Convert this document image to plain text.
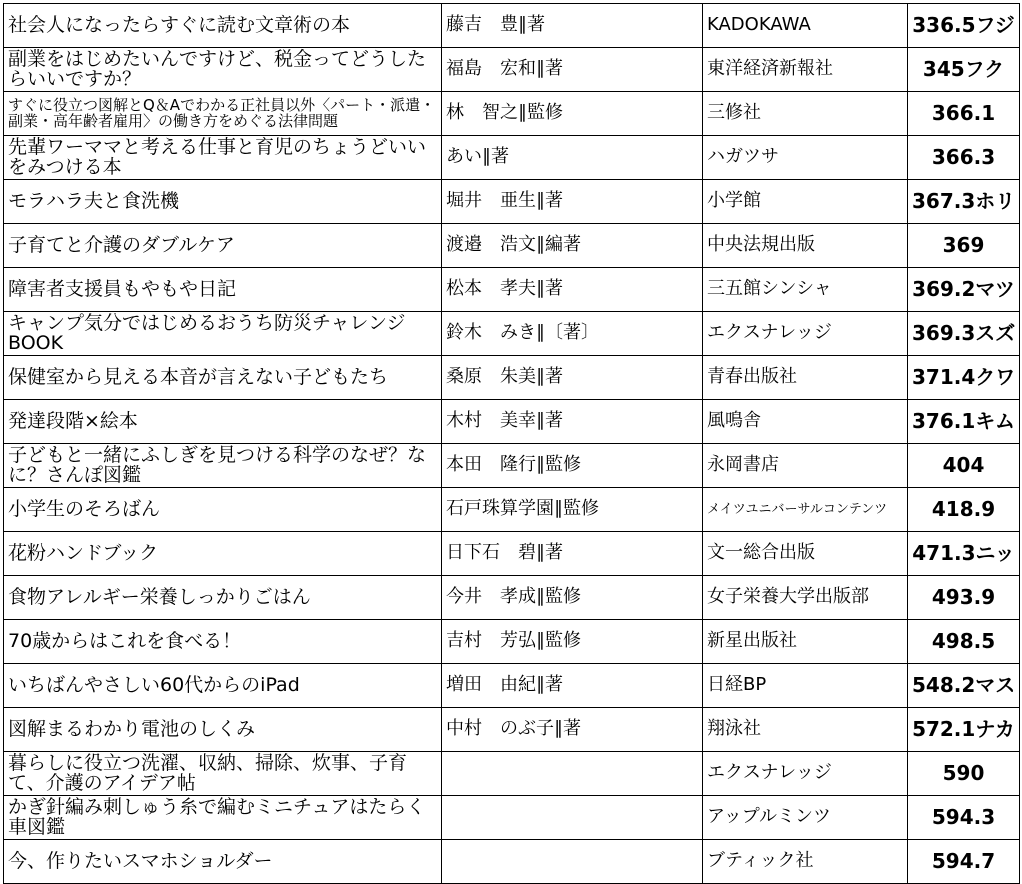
社会人になったらすぐに読む文章術の本	藤吉　豊∥著	KADOKAWA	336.5フジ
副業をはじめたいんですけど、税金ってどうしたらいいですか？	福島　宏和∥著	東洋経済新報社	345フク
すぐに役立つ図解とQ＆Aでわかる正社員以外〈パート・派遣・副業・高年齢者雇用〉の働き方をめぐる法律問題	林　智之∥監修	三修社	366.1
先輩ワーママと考える仕事と育児のちょうどいいをみつける本	あい∥著	ハガツサ	366.3
モラハラ夫と食洗機	堀井　亜生∥著	小学館	367.3ホリ
子育てと介護のダブルケア	渡邉　浩文∥編著	中央法規出版	369
障害者支援員もやもや日記	松本　孝夫∥著	三五館シンシャ	369.2マツ
キャンプ気分ではじめるおうち防災チャレンジBOOK	鈴木　みき∥〔著〕	エクスナレッジ	369.3スズ
保健室から見える本音が言えない子どもたち	桑原　朱美∥著	青春出版社	371.4クワ
発達段階×絵本	木村　美幸∥著	風鳴舎	376.1キム
子どもと一緒にふしぎを見つける科学のなぜ？なに？さんぽ図鑑	本田　隆行∥監修	永岡書店	404
小学生のそろばん	石戸珠算学園∥監修	メイツユニバーサルコンテンツ	418.9
花粉ハンドブック	日下石　碧∥著	文一総合出版	471.3ニッ
食物アレルギー栄養しっかりごはん	今井　孝成∥監修	女子栄養大学出版部	493.9
70歳からはこれを食べる！	吉村　芳弘∥監修	新星出版社	498.5
いちばんやさしい60代からのiPad	増田　由紀∥著	日経BP	548.2マス
図解まるわかり電池のしくみ	中村　のぶ子∥著	翔泳社	572.1ナカ
暮らしに役立つ洗濯、収納、掃除、炊事、子育て、介護のアイデア帖		エクスナレッジ	590
かぎ針編み刺しゅう糸で編むミニチュアはたらく車図鑑		アップルミンツ	594.3
今、作りたいスマホショルダー		ブティック社	594.7
